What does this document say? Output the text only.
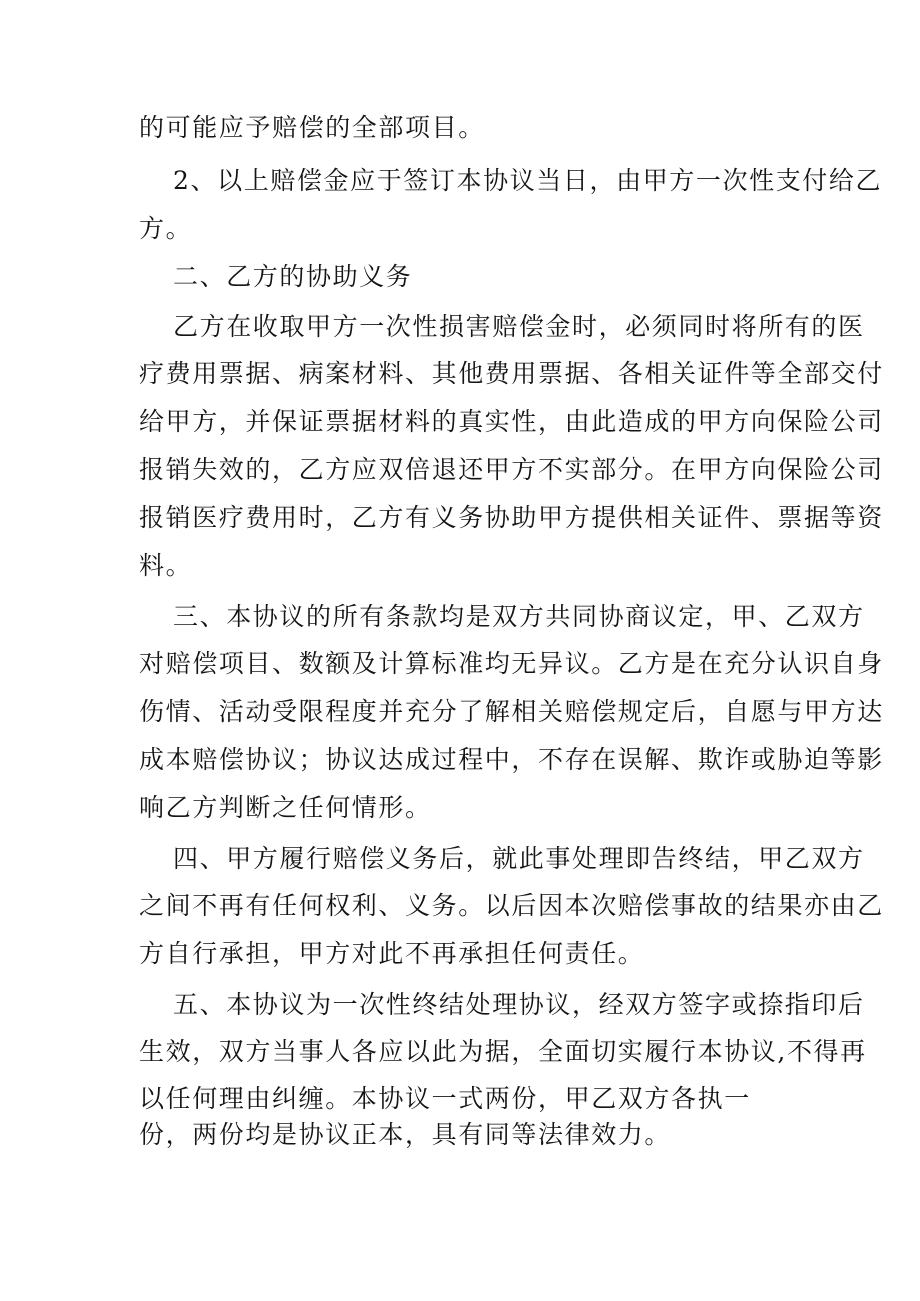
的可能应予赔偿的全部项目。
2、以上赔偿金应于签订本协议当日，由甲方一次性支付给乙
方。
二、乙方的协助义务
乙方在收取甲方一次性损害赔偿金时，必须同时将所有的医
疗费用票据、病案材料、其他费用票据、各相关证件等全部交付
给甲方，并保证票据材料的真实性，由此造成的甲方向保险公司
报销失效的，乙方应双倍退还甲方不实部分。在甲方向保险公司
报销医疗费用时，乙方有义务协助甲方提供相关证件、票据等资
料。
三、本协议的所有条款均是双方共同协商议定，甲、乙双方
对赔偿项目、数额及计算标准均无异议。乙方是在充分认识自身
伤情、活动受限程度并充分了解相关赔偿规定后，自愿与甲方达
成本赔偿协议；协议达成过程中，不存在误解、欺诈或胁迫等影
响乙方判断之任何情形。
四、甲方履行赔偿义务后，就此事处理即告终结，甲乙双方
之间不再有任何权利、义务。以后因本次赔偿事故的结果亦由乙
方自行承担，甲方对此不再承担任何责任。
五、本协议为一次性终结处理协议，经双方签字或捺指印后
生效，双方当事人各应以此为据，全面切实履行本协议,不得再
以任何理由纠缠。本协议一式两份，甲乙双方各执一
份，两份均是协议正本，具有同等法律效力。
